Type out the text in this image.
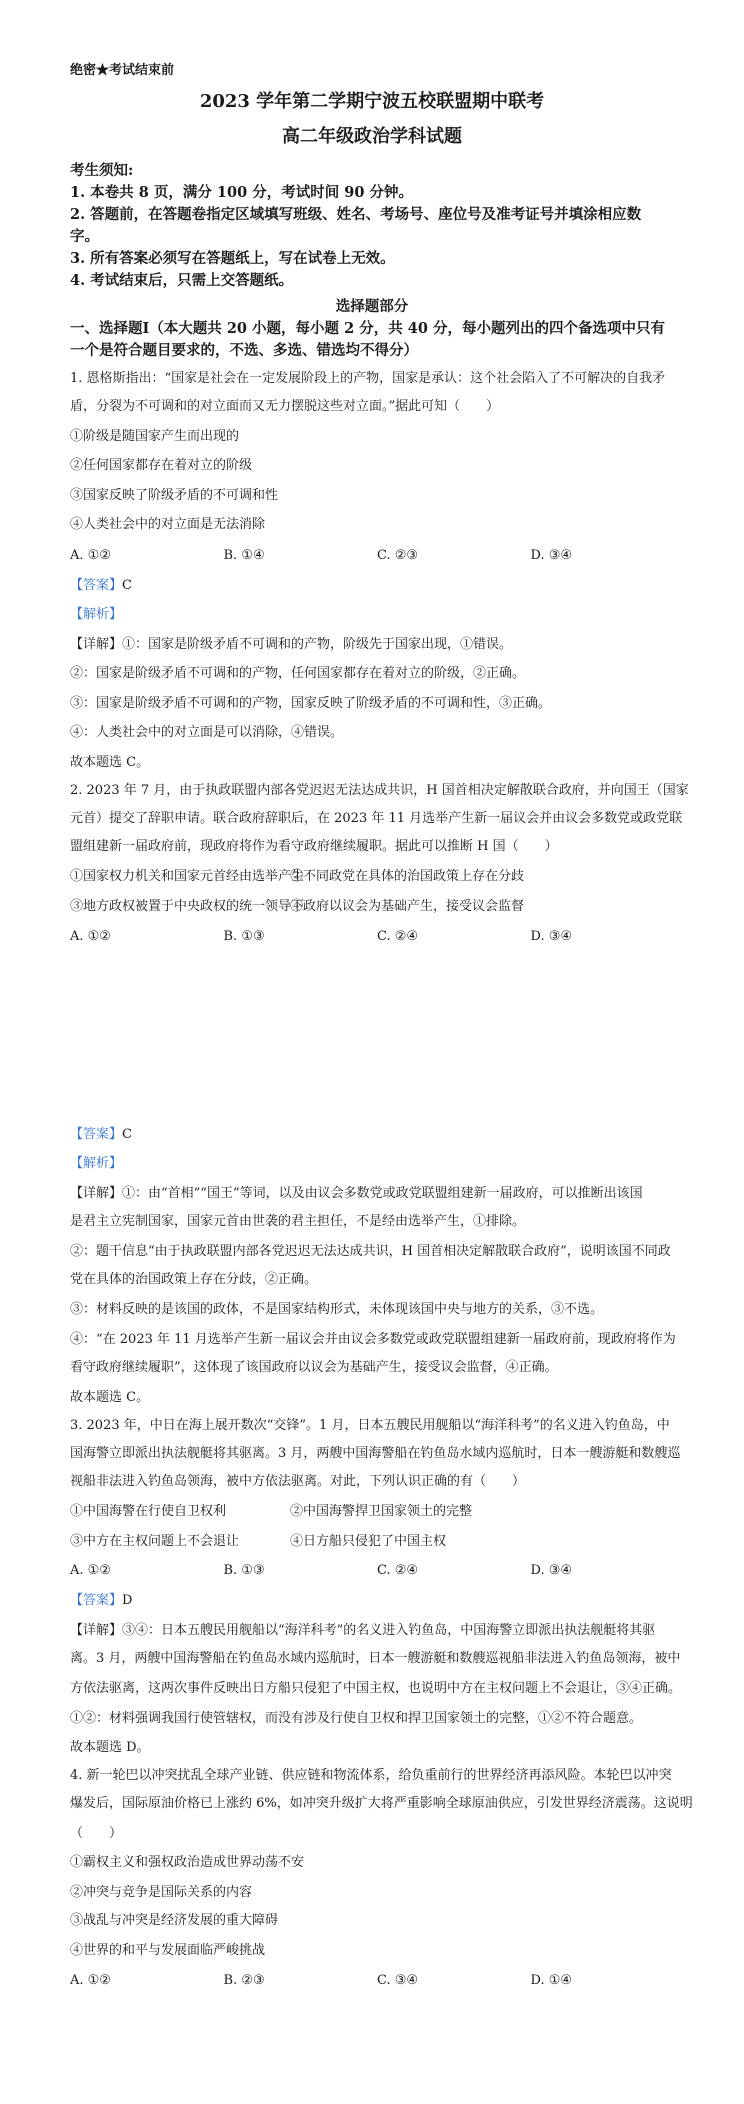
绝密★考试结束前
2023 学年第二学期宁波五校联盟期中联考
高二年级政治学科试题
考生须知:
1. 本卷共 8 页，满分 100 分，考试时间 90 分钟。
2. 答题前，在答题卷指定区域填写班级、姓名、考场号、座位号及准考证号并填涂相应数
字。
3. 所有答案必须写在答题纸上，写在试卷上无效。
4. 考试结束后，只需上交答题纸。
选择题部分
一、选择题Ⅰ（本大题共 20 小题，每小题 2 分，共 40 分，每小题列出的四个备选项中只有
一个是符合题目要求的，不选、多选、错选均不得分）
1. 恩格斯指出：“国家是社会在一定发展阶段上的产物，国家是承认：这个社会陷入了不可解决的自我矛
盾，分裂为不可调和的对立面而又无力摆脱这些对立面。”据此可知（　　）
①阶级是随国家产生而出现的
②任何国家都存在着对立的阶级
③国家反映了阶级矛盾的不可调和性
④人类社会中的对立面是无法消除
A. ①②	B. ①④	C. ②③	D. ③④
【答案】C
【解析】
【详解】①：国家是阶级矛盾不可调和的产物，阶级先于国家出现，①错误。
②：国家是阶级矛盾不可调和的产物，任何国家都存在着对立的阶级，②正确。
③：国家是阶级矛盾不可调和的产物，国家反映了阶级矛盾的不可调和性，③正确。
④：人类社会中的对立面是可以消除，④错误。
故本题选 C。
2. 2023 年 7 月，由于执政联盟内部各党迟迟无法达成共识，H 国首相决定解散联合政府，并向国王（国家
元首）提交了辞职申请。联合政府辞职后，在 2023 年 11 月选举产生新一届议会并由议会多数党或政党联
盟组建新一届政府前，现政府将作为看守政府继续履职。据此可以推断 H 国（　　）
①国家权力机关和国家元首经由选举产生
②不同政党在具体的治国政策上存在分歧
③地方政权被置于中央政权的统一领导下
④政府以议会为基础产生，接受议会监督
A. ①②	B. ①③	C. ②④	D. ③④
【答案】C
【解析】
【详解】①：由“首相”“国王”等词，以及由议会多数党或政党联盟组建新一届政府，可以推断出该国
是君主立宪制国家，国家元首由世袭的君主担任，不是经由选举产生，①排除。
②：题干信息“由于执政联盟内部各党迟迟无法达成共识，H 国首相决定解散联合政府”，说明该国不同政
党在具体的治国政策上存在分歧，②正确。
③：材料反映的是该国的政体，不是国家结构形式，未体现该国中央与地方的关系，③不选。
④：“在 2023 年 11 月选举产生新一届议会并由议会多数党或政党联盟组建新一届政府前，现政府将作为
看守政府继续履职”，这体现了该国政府以议会为基础产生，接受议会监督，④正确。
故本题选 C。
3. 2023 年，中日在海上展开数次“交锋”。1 月，日本五艘民用舰船以“海洋科考”的名义进入钓鱼岛，中
国海警立即派出执法舰艇将其驱离。3 月，两艘中国海警船在钓鱼岛水域内巡航时，日本一艘游艇和数艘巡
视船非法进入钓鱼岛领海，被中方依法驱离。对此，下列认识正确的有（　　）
①中国海警在行使自卫权利	②中国海警捍卫国家领土的完整
③中方在主权问题上不会退让	④日方船只侵犯了中国主权
A. ①②	B. ①③	C. ②④	D. ③④
【答案】D
【详解】③④：日本五艘民用舰船以“海洋科考”的名义进入钓鱼岛，中国海警立即派出执法舰艇将其驱
离。3 月，两艘中国海警船在钓鱼岛水域内巡航时，日本一艘游艇和数艘巡视船非法进入钓鱼岛领海，被中
方依法驱离，这两次事件反映出日方船只侵犯了中国主权，也说明中方在主权问题上不会退让，③④正确。
①②：材料强调我国行使管辖权，而没有涉及行使自卫权和捍卫国家领土的完整，①②不符合题意。
故本题选 D。
4. 新一轮巴以冲突扰乱全球产业链、供应链和物流体系，给负重前行的世界经济再添风险。本轮巴以冲突
爆发后，国际原油价格已上涨约 6%，如冲突升级扩大将严重影响全球原油供应，引发世界经济震荡。这说明
（　　）
①霸权主义和强权政治造成世界动荡不安
②冲突与竞争是国际关系的内容
③战乱与冲突是经济发展的重大障碍
④世界的和平与发展面临严峻挑战
A. ①②	B. ②③	C. ③④	D. ①④
